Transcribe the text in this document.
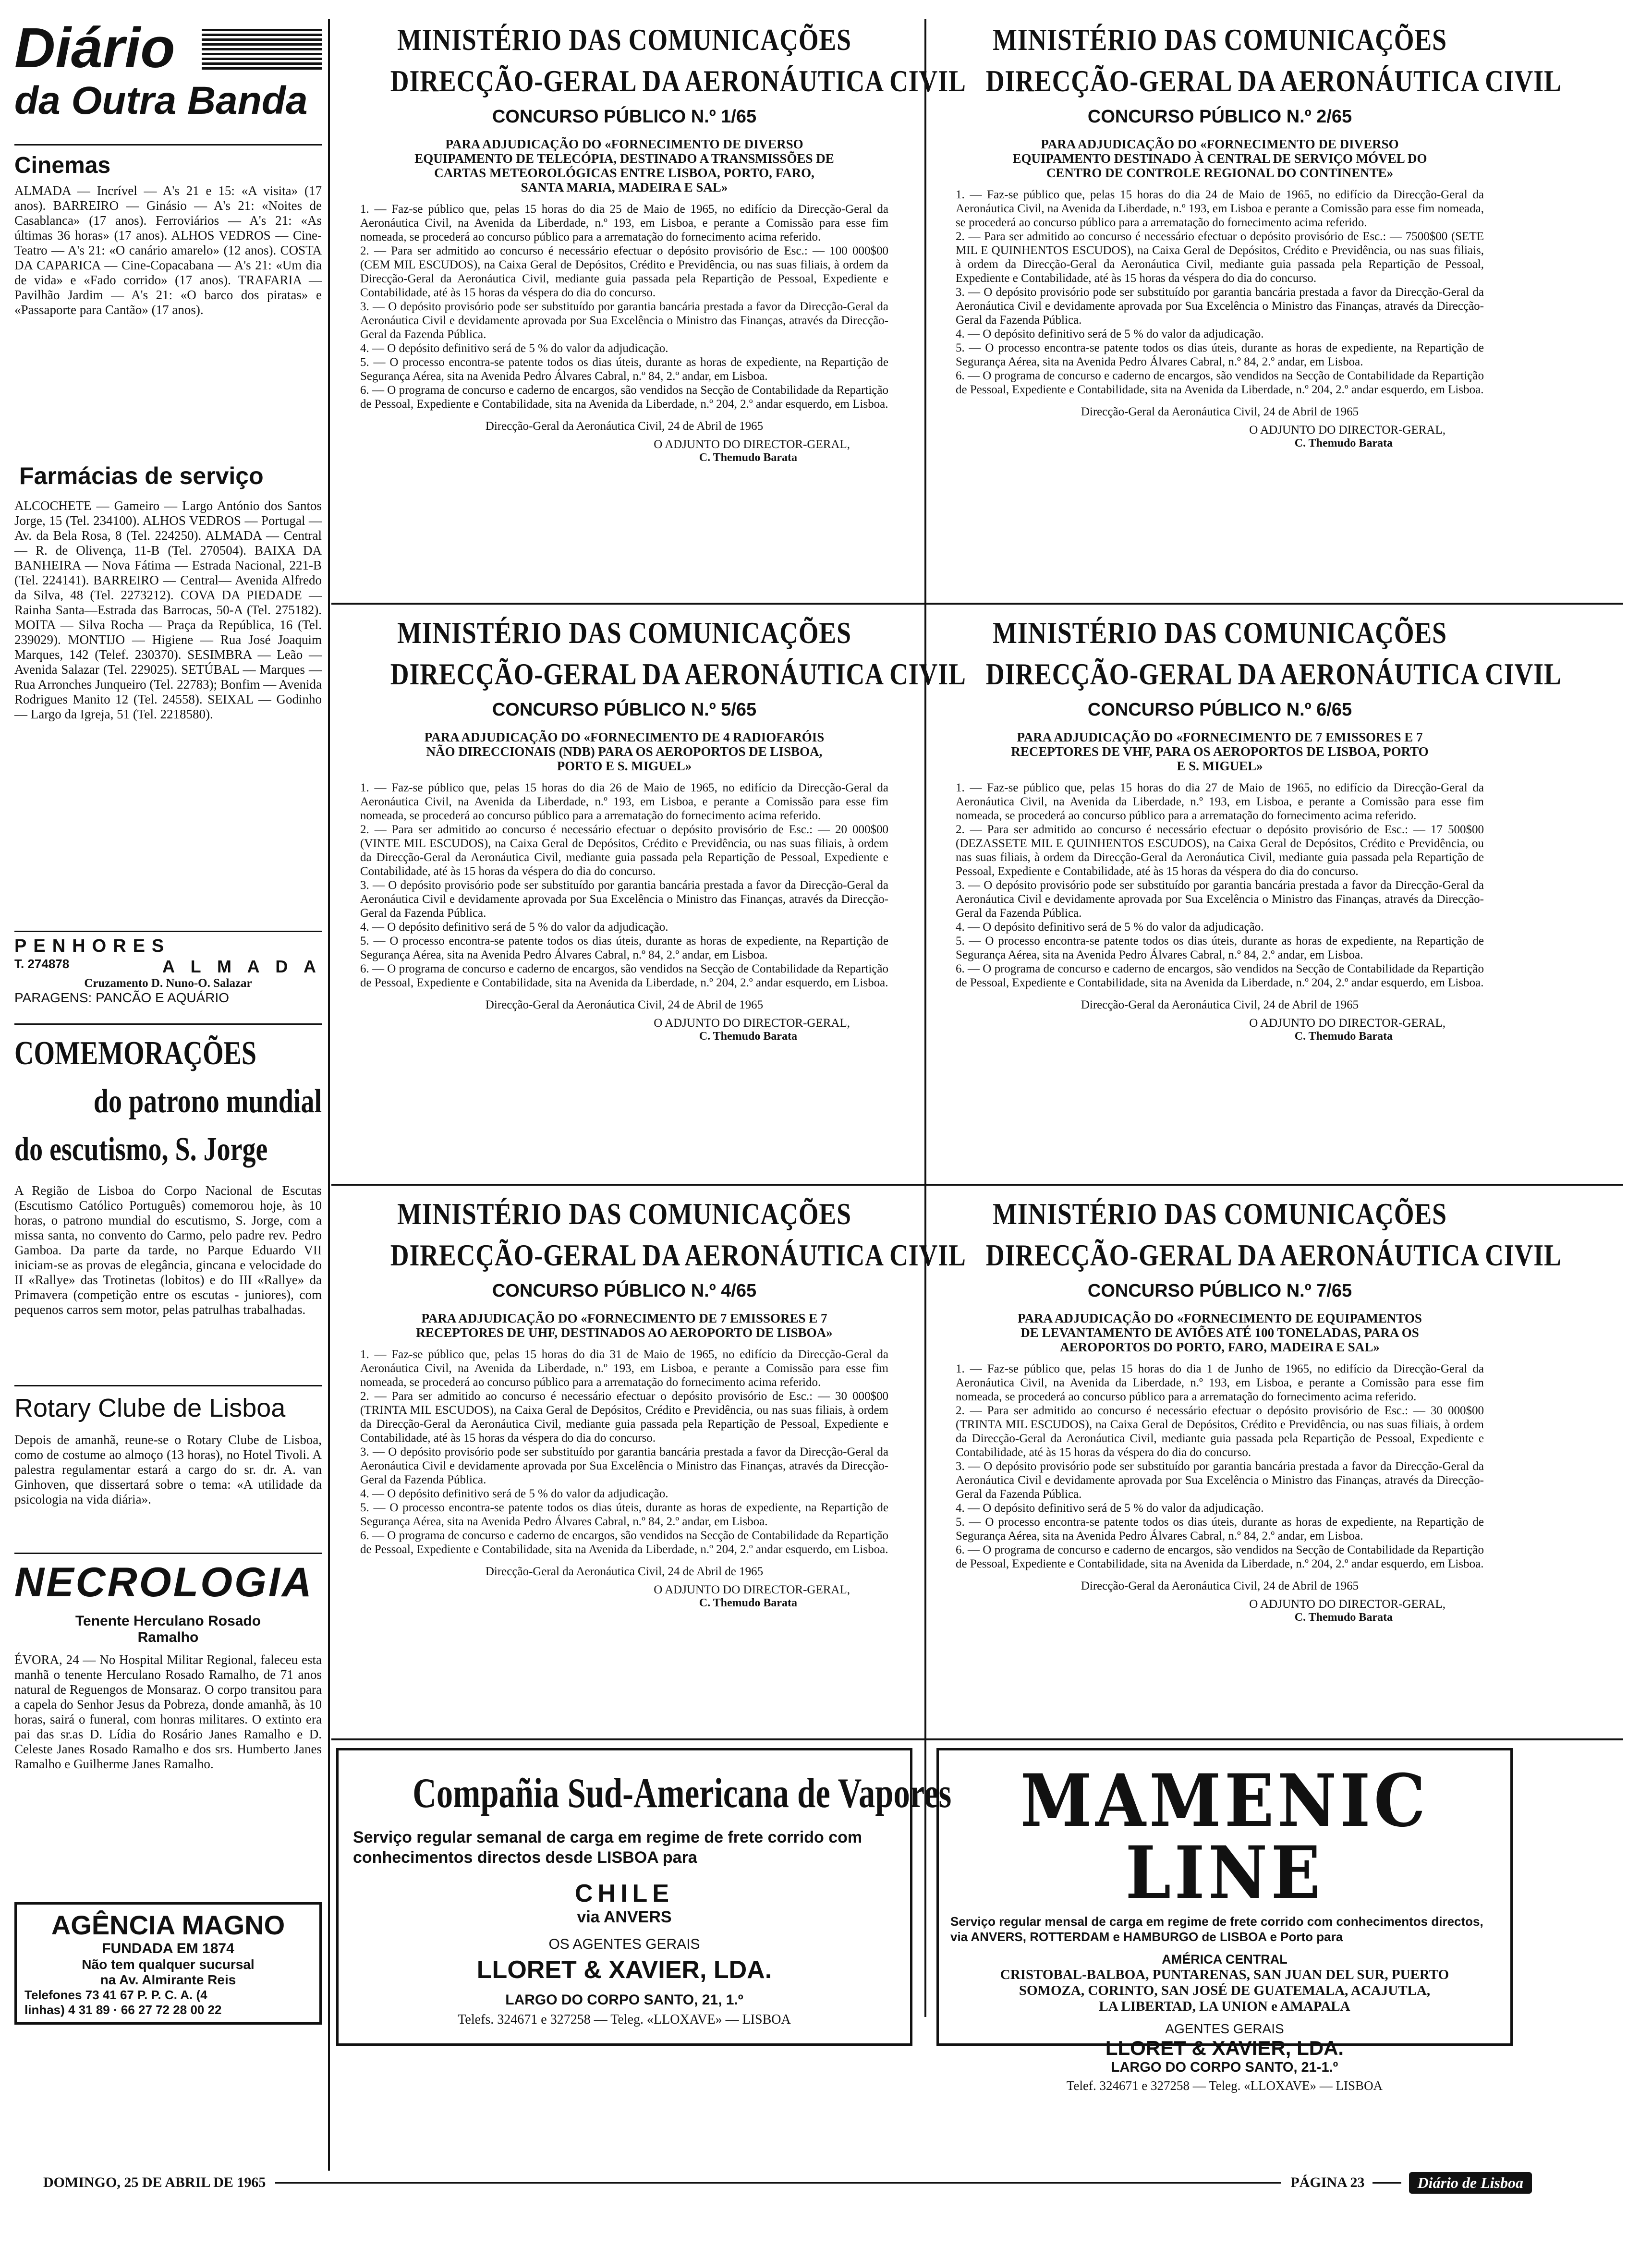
Diário
da Outra Banda
Cinemas
ALMADA — Incrível — A's 21 e 15: «A visita» (17 anos). BARREIRO — Ginásio — A's 21: «Noites de Casablanca» (17 anos). Ferroviários — A's 21: «As últimas 36 horas» (17 anos). ALHOS VEDROS — Cine-Teatro — A's 21: «O canário amarelo» (12 anos). COSTA DA CAPARICA — Cine-Copacabana — A's 21: «Um dia de vida» e «Fado corrido» (17 anos). TRAFARIA — Pavilhão Jardim — A's 21: «O barco dos piratas» e «Passaporte para Cantão» (17 anos).
Farmácias de serviço
ALCOCHETE — Gameiro — Largo António dos Santos Jorge, 15 (Tel. 234100). ALHOS VEDROS — Portugal — Av. da Bela Rosa, 8 (Tel. 224250). ALMADA — Central — R. de Olivença, 11-B (Tel. 270504). BAIXA DA BANHEIRA — Nova Fátima — Estrada Nacional, 221-B (Tel. 224141). BARREIRO — Central— Avenida Alfredo da Silva, 48 (Tel. 2273212). COVA DA PIEDADE — Rainha Santa—Estrada das Barrocas, 50-A (Tel. 275182). MOITA — Silva Rocha — Praça da República, 16 (Tel. 239029). MONTIJO — Higiene — Rua José Joaquim Marques, 142 (Telef. 230370). SESIMBRA — Leão — Avenida Salazar (Tel. 229025). SETÚBAL — Marques — Rua Arronches Junqueiro (Tel. 22783); Bonfim — Avenida Rodrigues Manito 12 (Tel. 24558). SEIXAL — Godinho — Largo da Igreja, 51 (Tel. 2218580).
PENHORES
T. 274878	A L M A D A
Cruzamento D. Nuno-O. Salazar
PARAGENS: PANCÃO E AQUÁRIO
COMEMORAÇÕES
do patrono mundial
do escutismo, S. Jorge
A Região de Lisboa do Corpo Nacional de Escutas (Escutismo Católico Português) comemorou hoje, às 10 horas, o patrono mundial do escutismo, S. Jorge, com a missa santa, no convento do Carmo, pelo padre rev. Pedro Gamboa. Da parte da tarde, no Parque Eduardo VII iniciam-se as provas de elegância, gincana e velocidade do II «Rallye» das Trotinetas (lobitos) e do III «Rallye» da Primavera (competição entre os escutas - juniores), com pequenos carros sem motor, pelas patrulhas trabalhadas.
Rotary Clube de Lisboa
Depois de amanhã, reune-se o Rotary Clube de Lisboa, como de costume ao almoço (13 horas), no Hotel Tivoli. A palestra regulamentar estará a cargo do sr. dr. A. van Ginhoven, que dissertará sobre o tema: «A utilidade da psicologia na vida diária».
NECROLOGIA
Tenente Herculano Rosado
Ramalho
ÉVORA, 24 — No Hospital Militar Regional, faleceu esta manhã o tenente Herculano Rosado Ramalho, de 71 anos natural de Reguengos de Monsaraz. O corpo transitou para a capela do Senhor Jesus da Pobreza, donde amanhã, às 10 horas, sairá o funeral, com honras militares. O extinto era pai das sr.as D. Lídia do Rosário Janes Ramalho e D. Celeste Janes Rosado Ramalho e dos srs. Humberto Janes Ramalho e Guilherme Janes Ramalho.
AGÊNCIA MAGNO
FUNDADA EM 1874
Não tem qualquer sucursal
na Av. Almirante Reis
Telefones 73 41 67 P. P. C. A. (4
linhas) 4 31 89 · 66 27 72 28 00 22
MINISTÉRIO DAS COMUNICAÇÕES
DIRECÇÃO-GERAL DA AERONÁUTICA CIVIL
CONCURSO PÚBLICO N.º 1/65
PARA ADJUDICAÇÃO DO «FORNECIMENTO DE DIVERSO EQUIPAMENTO DE TELECÓPIA, DESTINADO A TRANSMISSÕES DE CARTAS METEOROLÓGICAS ENTRE LISBOA, PORTO, FARO, SANTA MARIA, MADEIRA E SAL»

1. — Faz-se público que, pelas 15 horas do dia 25 de Maio de 1965, no edifício da Direcção-Geral da Aeronáutica Civil, na Avenida da Liberdade, n.º 193, em Lisboa, e perante a Comissão para esse fim nomeada, se procederá ao concurso público para a arrematação do fornecimento acima referido.

2. — Para ser admitido ao concurso é necessário efectuar o depósito provisório de Esc.: — 100 000$00 (CEM MIL ESCUDOS), na Caixa Geral de Depósitos, Crédito e Previdência, ou nas suas filiais, à ordem da Direcção-Geral da Aeronáutica Civil, mediante guia passada pela Repartição de Pessoal, Expediente e Contabilidade, até às 15 horas da véspera do dia do concurso.

3. — O depósito provisório pode ser substituído por garantia bancária prestada a favor da Direcção-Geral da Aeronáutica Civil e devidamente aprovada por Sua Excelência o Ministro das Finanças, através da Direcção-Geral da Fazenda Pública.

4. — O depósito definitivo será de 5 % do valor da adjudicação.

5. — O processo encontra-se patente todos os dias úteis, durante as horas de expediente, na Repartição de Segurança Aérea, sita na Avenida Pedro Álvares Cabral, n.º 84, 2.º andar, em Lisboa.

6. — O programa de concurso e caderno de encargos, são vendidos na Secção de Contabilidade da Repartição de Pessoal, Expediente e Contabilidade, sita na Avenida da Liberdade, n.º 204, 2.º andar esquerdo, em Lisboa.

Direcção-Geral da Aeronáutica Civil, 24 de Abril de 1965
O ADJUNTO DO DIRECTOR-GERAL,
C. Themudo Barata
MINISTÉRIO DAS COMUNICAÇÕES
DIRECÇÃO-GERAL DA AERONÁUTICA CIVIL
CONCURSO PÚBLICO N.º 2/65
PARA ADJUDICAÇÃO DO «FORNECIMENTO DE DIVERSO EQUIPAMENTO DESTINADO À CENTRAL DE SERVIÇO MÓVEL DO CENTRO DE CONTROLE REGIONAL DO CONTINENTE»

1. — Faz-se público que, pelas 15 horas do dia 24 de Maio de 1965, no edifício da Direcção-Geral da Aeronáutica Civil, na Avenida da Liberdade, n.º 193, em Lisboa e perante a Comissão para esse fim nomeada, se procederá ao concurso público para a arrematação do fornecimento acima referido.

2. — Para ser admitido ao concurso é necessário efectuar o depósito provisório de Esc.: — 7500$00 (SETE MIL E QUINHENTOS ESCUDOS), na Caixa Geral de Depósitos, Crédito e Previdência, ou nas suas filiais, à ordem da Direcção-Geral da Aeronáutica Civil, mediante guia passada pela Repartição de Pessoal, Expediente e Contabilidade, até às 15 horas da véspera do dia do concurso.

3. — O depósito provisório pode ser substituído por garantia bancária prestada a favor da Direcção-Geral da Aeronáutica Civil e devidamente aprovada por Sua Excelência o Ministro das Finanças, através da Direcção-Geral da Fazenda Pública.

4. — O depósito definitivo será de 5 % do valor da adjudicação.

5. — O processo encontra-se patente todos os dias úteis, durante as horas de expediente, na Repartição de Segurança Aérea, sita na Avenida Pedro Álvares Cabral, n.º 84, 2.º andar, em Lisboa.

6. — O programa de concurso e caderno de encargos, são vendidos na Secção de Contabilidade da Repartição de Pessoal, Expediente e Contabilidade, sita na Avenida da Liberdade, n.º 204, 2.º andar esquerdo, em Lisboa.

Direcção-Geral da Aeronáutica Civil, 24 de Abril de 1965
O ADJUNTO DO DIRECTOR-GERAL,
C. Themudo Barata
MINISTÉRIO DAS COMUNICAÇÕES
DIRECÇÃO-GERAL DA AERONÁUTICA CIVIL
CONCURSO PÚBLICO N.º 5/65
PARA ADJUDICAÇÃO DO «FORNECIMENTO DE 4 RADIOFARÓIS NÃO DIRECCIONAIS (NDB) PARA OS AEROPORTOS DE LISBOA, PORTO E S. MIGUEL»

1. — Faz-se público que, pelas 15 horas do dia 26 de Maio de 1965, no edifício da Direcção-Geral da Aeronáutica Civil, na Avenida da Liberdade, n.º 193, em Lisboa, e perante a Comissão para esse fim nomeada, se procederá ao concurso público para a arrematação do fornecimento acima referido.

2. — Para ser admitido ao concurso é necessário efectuar o depósito provisório de Esc.: — 20 000$00 (VINTE MIL ESCUDOS), na Caixa Geral de Depósitos, Crédito e Previdência, ou nas suas filiais, à ordem da Direcção-Geral da Aeronáutica Civil, mediante guia passada pela Repartição de Pessoal, Expediente e Contabilidade, até às 15 horas da véspera do dia do concurso.

3. — O depósito provisório pode ser substituído por garantia bancária prestada a favor da Direcção-Geral da Aeronáutica Civil e devidamente aprovada por Sua Excelência o Ministro das Finanças, através da Direcção-Geral da Fazenda Pública.

4. — O depósito definitivo será de 5 % do valor da adjudicação.

5. — O processo encontra-se patente todos os dias úteis, durante as horas de expediente, na Repartição de Segurança Aérea, sita na Avenida Pedro Álvares Cabral, n.º 84, 2.º andar, em Lisboa.

6. — O programa de concurso e caderno de encargos, são vendidos na Secção de Contabilidade da Repartição de Pessoal, Expediente e Contabilidade, sita na Avenida da Liberdade, n.º 204, 2.º andar esquerdo, em Lisboa.

Direcção-Geral da Aeronáutica Civil, 24 de Abril de 1965
O ADJUNTO DO DIRECTOR-GERAL,
C. Themudo Barata
MINISTÉRIO DAS COMUNICAÇÕES
DIRECÇÃO-GERAL DA AERONÁUTICA CIVIL
CONCURSO PÚBLICO N.º 6/65
PARA ADJUDICAÇÃO DO «FORNECIMENTO DE 7 EMISSORES E 7 RECEPTORES DE VHF, PARA OS AEROPORTOS DE LISBOA, PORTO E S. MIGUEL»

1. — Faz-se público que, pelas 15 horas do dia 27 de Maio de 1965, no edifício da Direcção-Geral da Aeronáutica Civil, na Avenida da Liberdade, n.º 193, em Lisboa, e perante a Comissão para esse fim nomeada, se procederá ao concurso público para a arrematação do fornecimento acima referido.

2. — Para ser admitido ao concurso é necessário efectuar o depósito provisório de Esc.: — 17 500$00 (DEZASSETE MIL E QUINHENTOS ESCUDOS), na Caixa Geral de Depósitos, Crédito e Previdência, ou nas suas filiais, à ordem da Direcção-Geral da Aeronáutica Civil, mediante guia passada pela Repartição de Pessoal, Expediente e Contabilidade, até às 15 horas da véspera do dia do concurso.

3. — O depósito provisório pode ser substituído por garantia bancária prestada a favor da Direcção-Geral da Aeronáutica Civil e devidamente aprovada por Sua Excelência o Ministro das Finanças, através da Direcção-Geral da Fazenda Pública.

4. — O depósito definitivo será de 5 % do valor da adjudicação.

5. — O processo encontra-se patente todos os dias úteis, durante as horas de expediente, na Repartição de Segurança Aérea, sita na Avenida Pedro Álvares Cabral, n.º 84, 2.º andar, em Lisboa.

6. — O programa de concurso e caderno de encargos, são vendidos na Secção de Contabilidade da Repartição de Pessoal, Expediente e Contabilidade, sita na Avenida da Liberdade, n.º 204, 2.º andar esquerdo, em Lisboa.

Direcção-Geral da Aeronáutica Civil, 24 de Abril de 1965
O ADJUNTO DO DIRECTOR-GERAL,
C. Themudo Barata
MINISTÉRIO DAS COMUNICAÇÕES
DIRECÇÃO-GERAL DA AERONÁUTICA CIVIL
CONCURSO PÚBLICO N.º 4/65
PARA ADJUDICAÇÃO DO «FORNECIMENTO DE 7 EMISSORES E 7 RECEPTORES DE UHF, DESTINADOS AO AEROPORTO DE LISBOA»

1. — Faz-se público que, pelas 15 horas do dia 31 de Maio de 1965, no edifício da Direcção-Geral da Aeronáutica Civil, na Avenida da Liberdade, n.º 193, em Lisboa, e perante a Comissão para esse fim nomeada, se procederá ao concurso público para a arrematação do fornecimento acima referido.

2. — Para ser admitido ao concurso é necessário efectuar o depósito provisório de Esc.: — 30 000$00 (TRINTA MIL ESCUDOS), na Caixa Geral de Depósitos, Crédito e Previdência, ou nas suas filiais, à ordem da Direcção-Geral da Aeronáutica Civil, mediante guia passada pela Repartição de Pessoal, Expediente e Contabilidade, até às 15 horas da véspera do dia do concurso.

3. — O depósito provisório pode ser substituído por garantia bancária prestada a favor da Direcção-Geral da Aeronáutica Civil e devidamente aprovada por Sua Excelência o Ministro das Finanças, através da Direcção-Geral da Fazenda Pública.

4. — O depósito definitivo será de 5 % do valor da adjudicação.

5. — O processo encontra-se patente todos os dias úteis, durante as horas de expediente, na Repartição de Segurança Aérea, sita na Avenida Pedro Álvares Cabral, n.º 84, 2.º andar, em Lisboa.

6. — O programa de concurso e caderno de encargos, são vendidos na Secção de Contabilidade da Repartição de Pessoal, Expediente e Contabilidade, sita na Avenida da Liberdade, n.º 204, 2.º andar esquerdo, em Lisboa.

Direcção-Geral da Aeronáutica Civil, 24 de Abril de 1965
O ADJUNTO DO DIRECTOR-GERAL,
C. Themudo Barata
MINISTÉRIO DAS COMUNICAÇÕES
DIRECÇÃO-GERAL DA AERONÁUTICA CIVIL
CONCURSO PÚBLICO N.º 7/65
PARA ADJUDICAÇÃO DO «FORNECIMENTO DE EQUIPAMENTOS DE LEVANTAMENTO DE AVIÕES ATÉ 100 TONELADAS, PARA OS AEROPORTOS DO PORTO, FARO, MADEIRA E SAL»

1. — Faz-se público que, pelas 15 horas do dia 1 de Junho de 1965, no edifício da Direcção-Geral da Aeronáutica Civil, na Avenida da Liberdade, n.º 193, em Lisboa, e perante a Comissão para esse fim nomeada, se procederá ao concurso público para a arrematação do fornecimento acima referido.

2. — Para ser admitido ao concurso é necessário efectuar o depósito provisório de Esc.: — 30 000$00 (TRINTA MIL ESCUDOS), na Caixa Geral de Depósitos, Crédito e Previdência, ou nas suas filiais, à ordem da Direcção-Geral da Aeronáutica Civil, mediante guia passada pela Repartição de Pessoal, Expediente e Contabilidade, até às 15 horas da véspera do dia do concurso.

3. — O depósito provisório pode ser substituído por garantia bancária prestada a favor da Direcção-Geral da Aeronáutica Civil e devidamente aprovada por Sua Excelência o Ministro das Finanças, através da Direcção-Geral da Fazenda Pública.

4. — O depósito definitivo será de 5 % do valor da adjudicação.

5. — O processo encontra-se patente todos os dias úteis, durante as horas de expediente, na Repartição de Segurança Aérea, sita na Avenida Pedro Álvares Cabral, n.º 84, 2.º andar, em Lisboa.

6. — O programa de concurso e caderno de encargos, são vendidos na Secção de Contabilidade da Repartição de Pessoal, Expediente e Contabilidade, sita na Avenida da Liberdade, n.º 204, 2.º andar esquerdo, em Lisboa.

Direcção-Geral da Aeronáutica Civil, 24 de Abril de 1965
O ADJUNTO DO DIRECTOR-GERAL,
C. Themudo Barata
Compañia Sud-Americana de Vapores
Serviço regular semanal de carga em regime de frete corrido com conhecimentos directos desde LISBOA para
CHILE
via ANVERS
OS AGENTES GERAIS
LLORET & XAVIER, LDA.
LARGO DO CORPO SANTO, 21, 1.º
Telefs. 324671 e 327258 — Teleg. «LLOXAVE» — LISBOA
MAMENIC LINE
Serviço regular mensal de carga em regime de frete corrido com conhecimentos directos, via ANVERS, ROTTERDAM e HAMBURGO de LISBOA e Porto para
AMÉRICA CENTRAL
CRISTOBAL-BALBOA, PUNTARENAS, SAN JUAN DEL SUR, PUERTO
SOMOZA, CORINTO, SAN JOSÉ DE GUATEMALA, ACAJUTLA,
LA LIBERTAD, LA UNION e AMAPALA
AGENTES GERAIS
LLORET & XAVIER, LDA.
LARGO DO CORPO SANTO, 21-1.º
Telef. 324671 e 327258 — Teleg. «LLOXAVE» — LISBOA
DOMINGO, 25 DE ABRIL DE 1965	PÁGINA 23	Diário de Lisboa
